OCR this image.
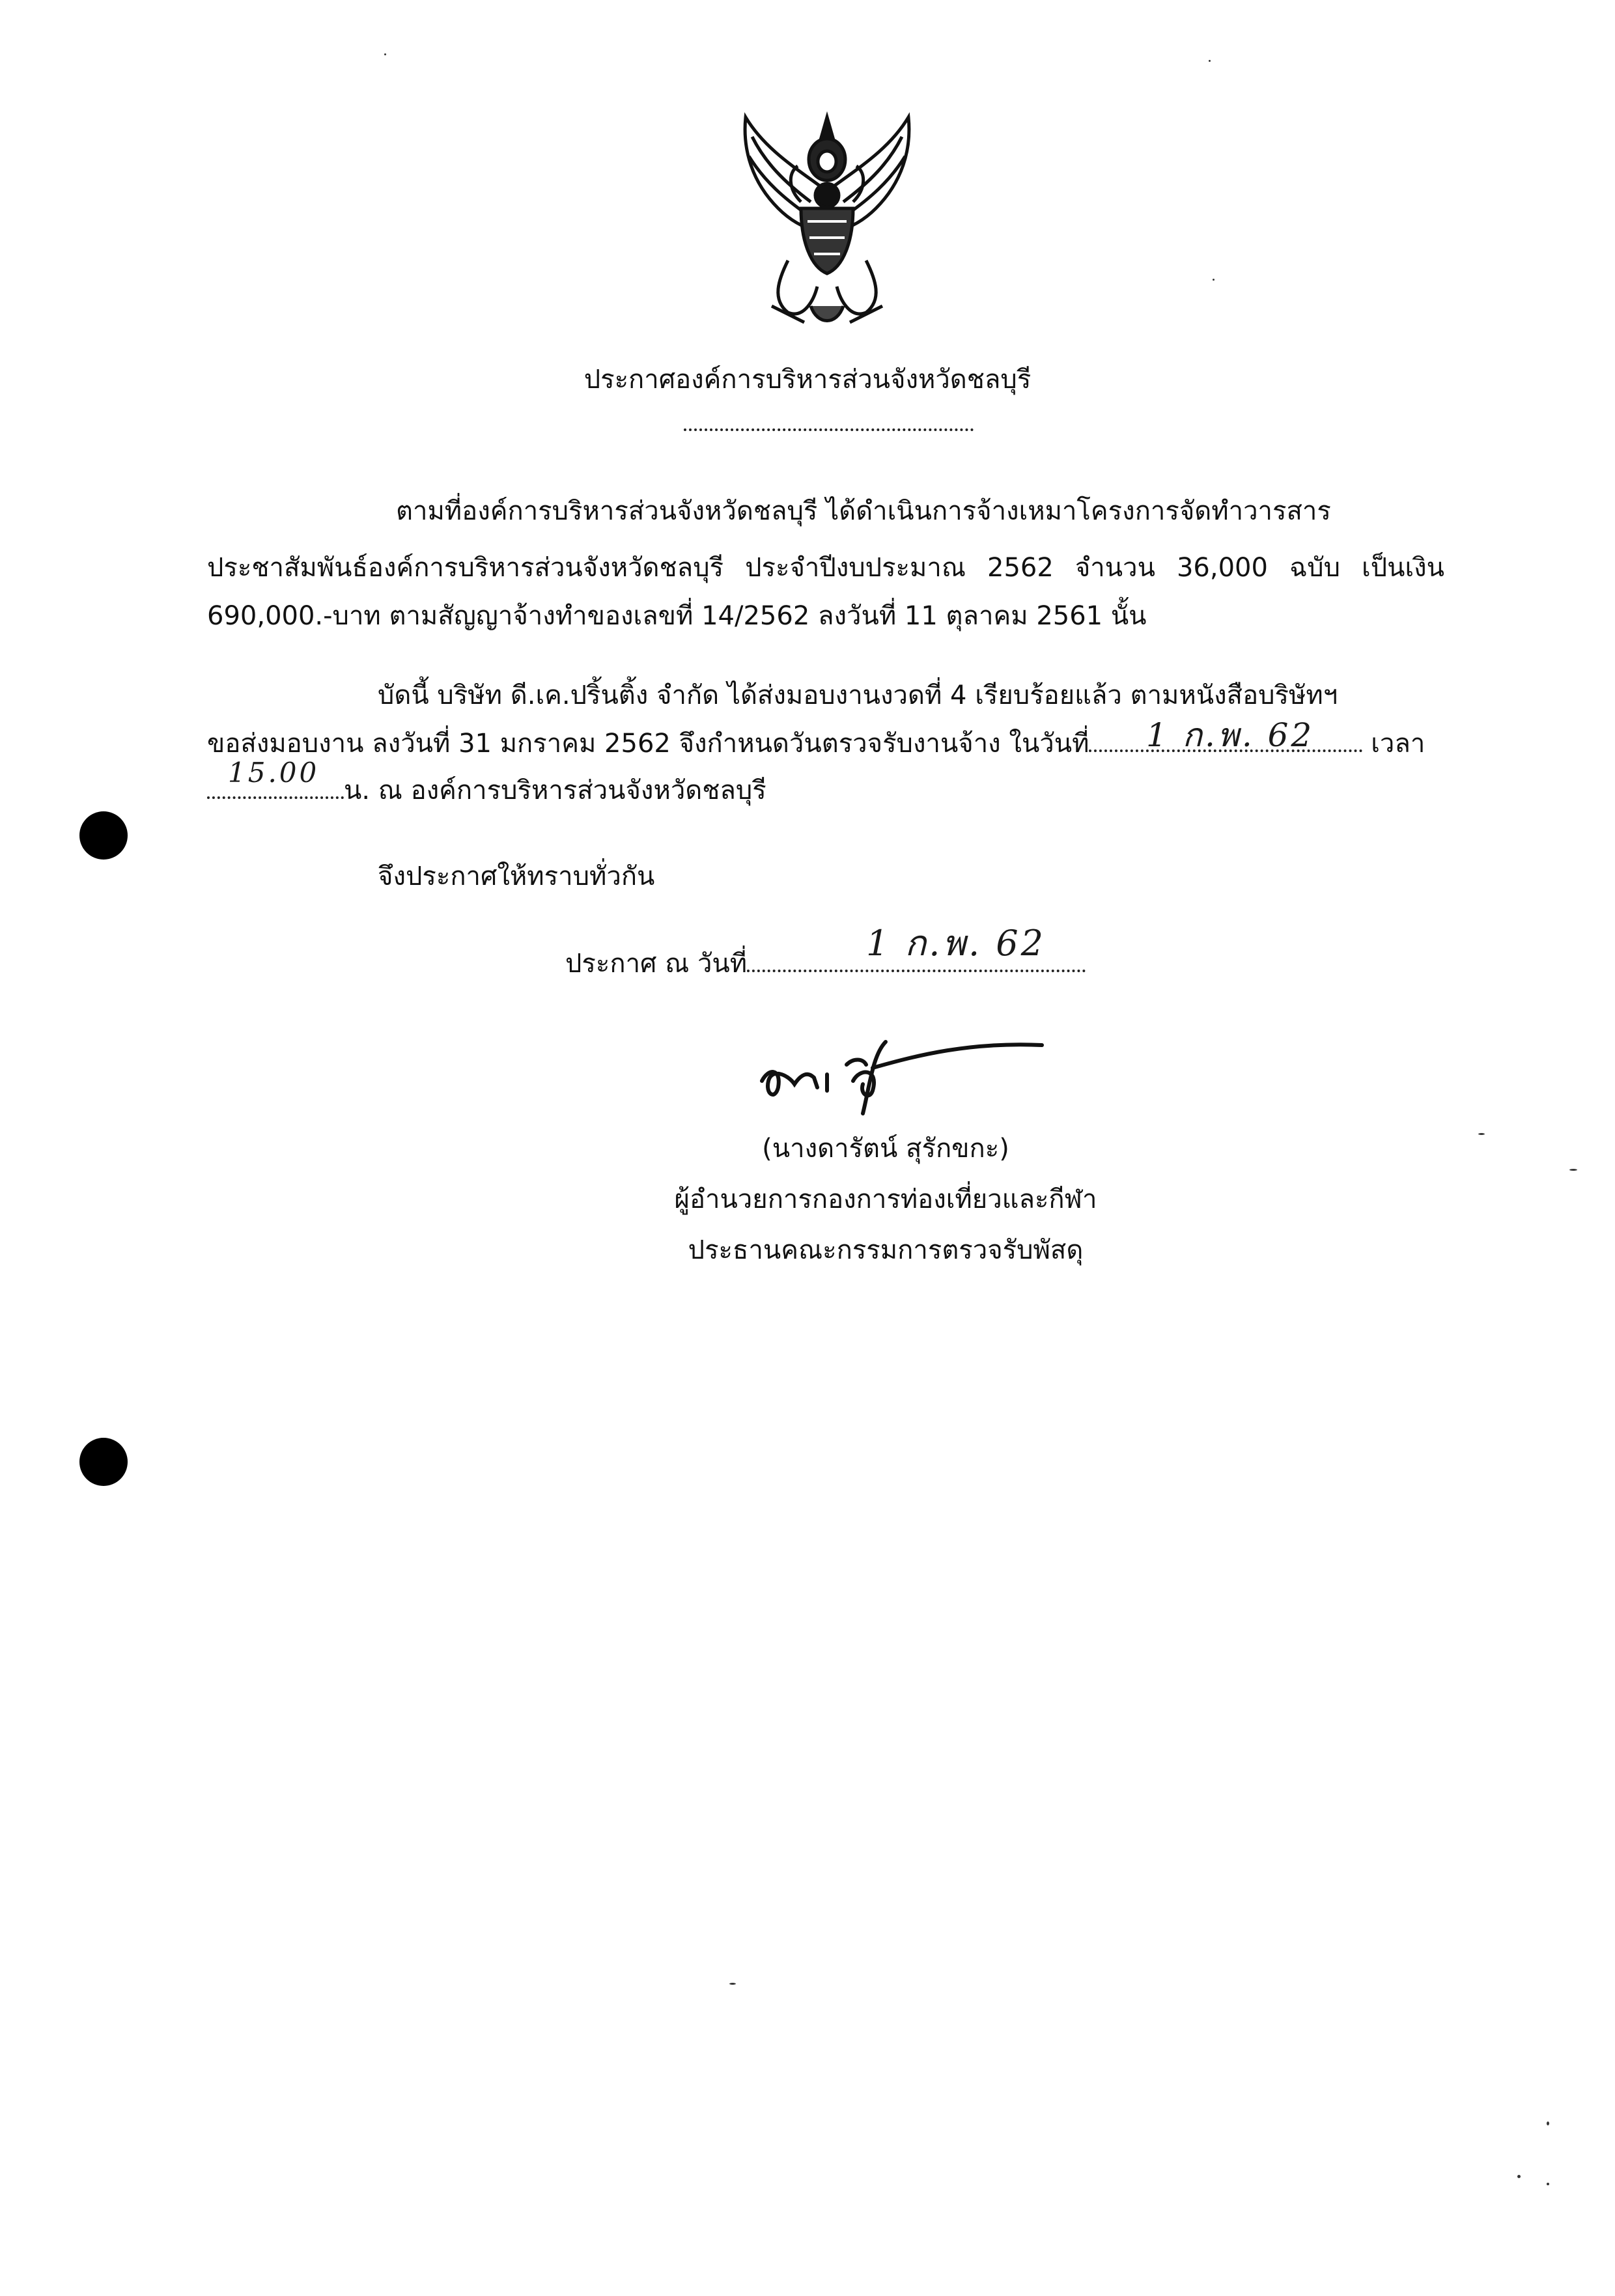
ประกาศองค์การบริหารส่วนจังหวัดชลบุรี
ตามที่องค์การบริหารส่วนจังหวัดชลบุรี ได้ดำเนินการจ้างเหมาโครงการจัดทำวารสาร
ประชาสัมพันธ์องค์การบริหารส่วนจังหวัดชลบุรี ประจำปีงบประมาณ 2562 จำนวน 36,000 ฉบับ เป็นเงิน
690,000.-บาท ตามสัญญาจ้างทำของเลขที่ 14/2562 ลงวันที่ 11 ตุลาคม 2561 นั้น
บัดนี้ บริษัท ดี.เค.ปริ้นติ้ง จำกัด ได้ส่งมอบงานงวดที่ 4 เรียบร้อยแล้ว ตามหนังสือบริษัทฯ
ขอส่งมอบงาน ลงวันที่ 31 มกราคม 2562 จึงกำหนดวันตรวจรับงานจ้าง ในวันที่	เวลา
1 ก.พ. 62
น. ณ องค์การบริหารส่วนจังหวัดชลบุรี
15.00
จึงประกาศให้ทราบทั่วกัน
ประกาศ ณ วันที่	1 ก.พ. 62
(นางดารัตน์ สุรักขกะ)
ผู้อำนวยการกองการท่องเที่ยวและกีฬา
ประธานคณะกรรมการตรวจรับพัสดุ
